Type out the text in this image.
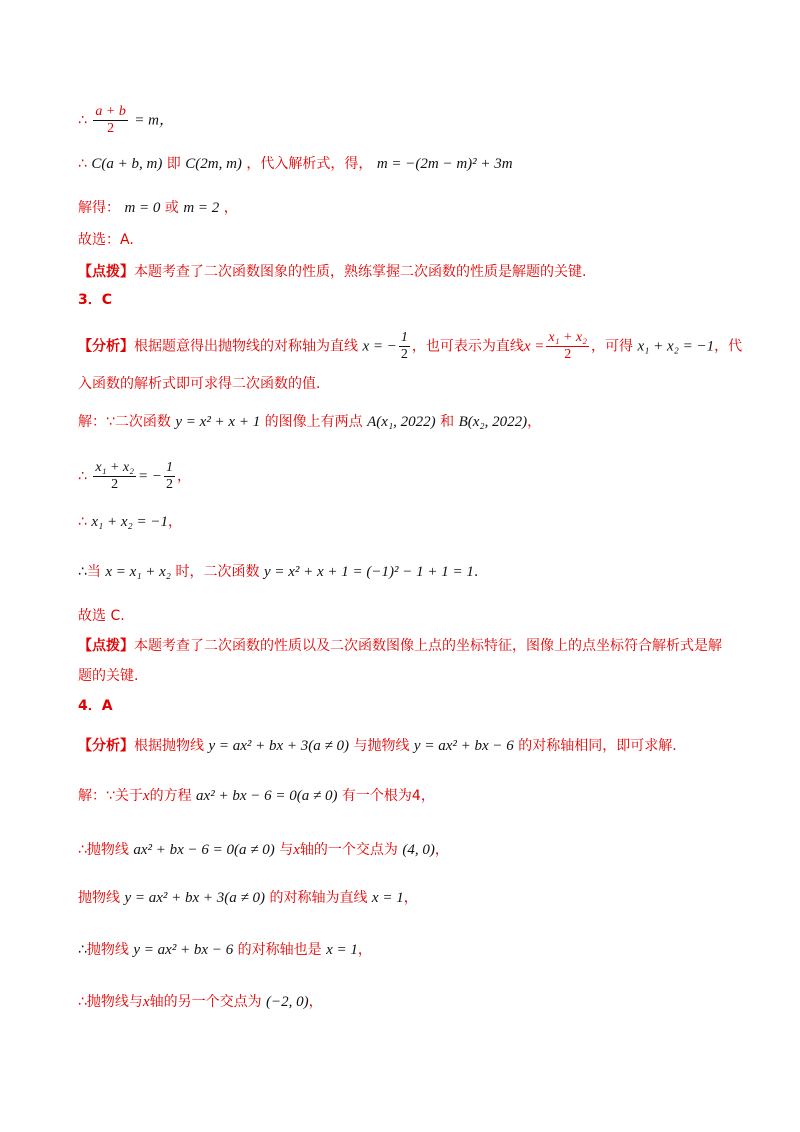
∴ $\frac{a + b}{2} = m$，
∴ C(a + b, m) 即 C(2m, m) ，代入解析式，得， m = −(2m − m)² + 3m
解得： m = 0 或 m = 2 ，
故选：A.
【点拨】本题考查了二次函数图象的性质，熟练掌握二次函数的性质是解题的关键.
3．C
【分析】根据题意得出抛物线的对称轴为直线 x = − $\frac{1}{2}$ ，也可表示为直线$x = \frac{\text{x₁ + x₂}}{2}$ ，可得 x₁ + x₂ = −1，代
入函数的解析式即可求得二次函数的值.
解：∵二次函数 y = x² + x + 1 的图像上有两点 A(x₁, 2022) 和 B(x₂, 2022)，
∴ $\frac{\text{x₁ + x₂}}{2}$ = − $\frac{1}{2}$ ，
∴ x₁ + x₂ = −1，
∴当 x = x₁ + x₂ 时，二次函数 y = x² + x + 1 = (−1)² − 1 + 1 = 1.
故选 C.
【点拨】本题考查了二次函数的性质以及二次函数图像上点的坐标特征，图像上的点坐标符合解析式是解
题的关键.
4．A
【分析】根据抛物线 y = ax² + bx + 3(a ≠ 0) 与抛物线 y = ax² + bx − 6 的对称轴相同，即可求解.
解：∵关于x的方程 ax² + bx − 6 = 0(a ≠ 0) 有一个根为4，
∴抛物线 ax² + bx − 6 = 0(a ≠ 0) 与x轴的一个交点为 (4, 0)，
抛物线 y = ax² + bx + 3(a ≠ 0) 的对称轴为直线 x = 1，
∴抛物线 y = ax² + bx − 6 的对称轴也是 x = 1，
∴抛物线与x轴的另一个交点为 (−2, 0)，
